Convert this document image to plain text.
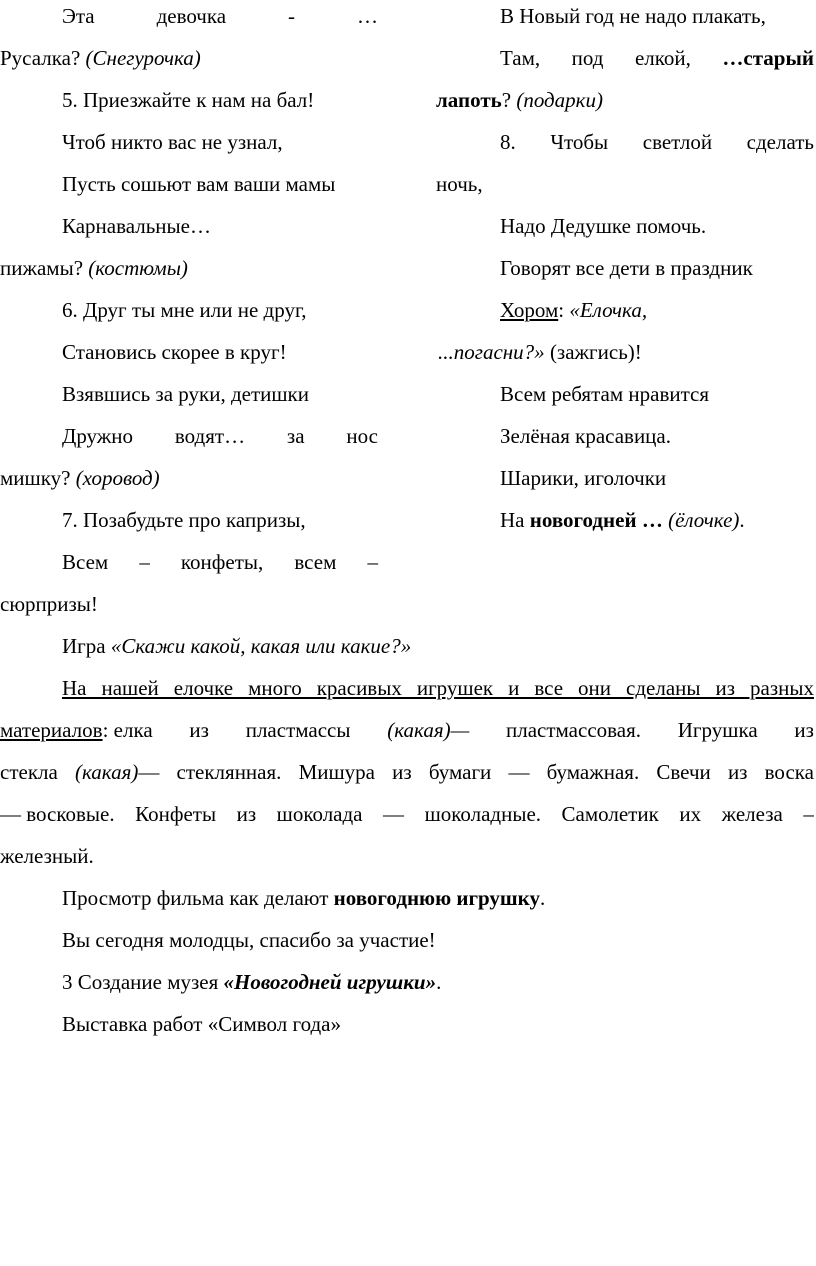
Эта	девочка	-	…
Русалка? (Снегурочка)
5. Приезжайте к нам на бал!
Чтоб никто вас не узнал,
Пусть сошьют вам ваши мамы
Карнавальные…
пижамы? (костюмы)
6. Друг ты мне или не друг,
Становись скорее в круг!
Взявшись за руки, детишки
Дружно водят… за нос
мишку? (хоровод)
7. Позабудьте про капризы,
Всем – конфеты, всем –
сюрпризы!
В Новый год не надо плакать,
Там, под елкой, …старый
лапоть? (подарки)
8. Чтобы светлой сделать
ночь,
Надо Дедушке помочь.
Говорят все дети в праздник
Хором: «Елочка,
...погасни?» (зажгись)!
Всем ребятам нравится
Зелёная красавица.
Шарики, иголочки
На новогодней … (ёлочке).
Игра «Скажи какой, какая или какие?»
На нашей елочке много красивых игрушек и все они сделаны из разных
материалов: елка из пластмассы (какая)— пластмассовая. Игрушка из
стекла (какая)— стеклянная. Мишура из бумаги — бумажная. Свечи из воска
— восковые. Конфеты из шоколада — шоколадные. Самолетик их железа –
железный.
Просмотр фильма как делают новогоднюю игрушку.
Вы сегодня молодцы, спасибо за участие!
3 Создание музея «Новогодней игрушки».
Выставка работ «Символ года»
